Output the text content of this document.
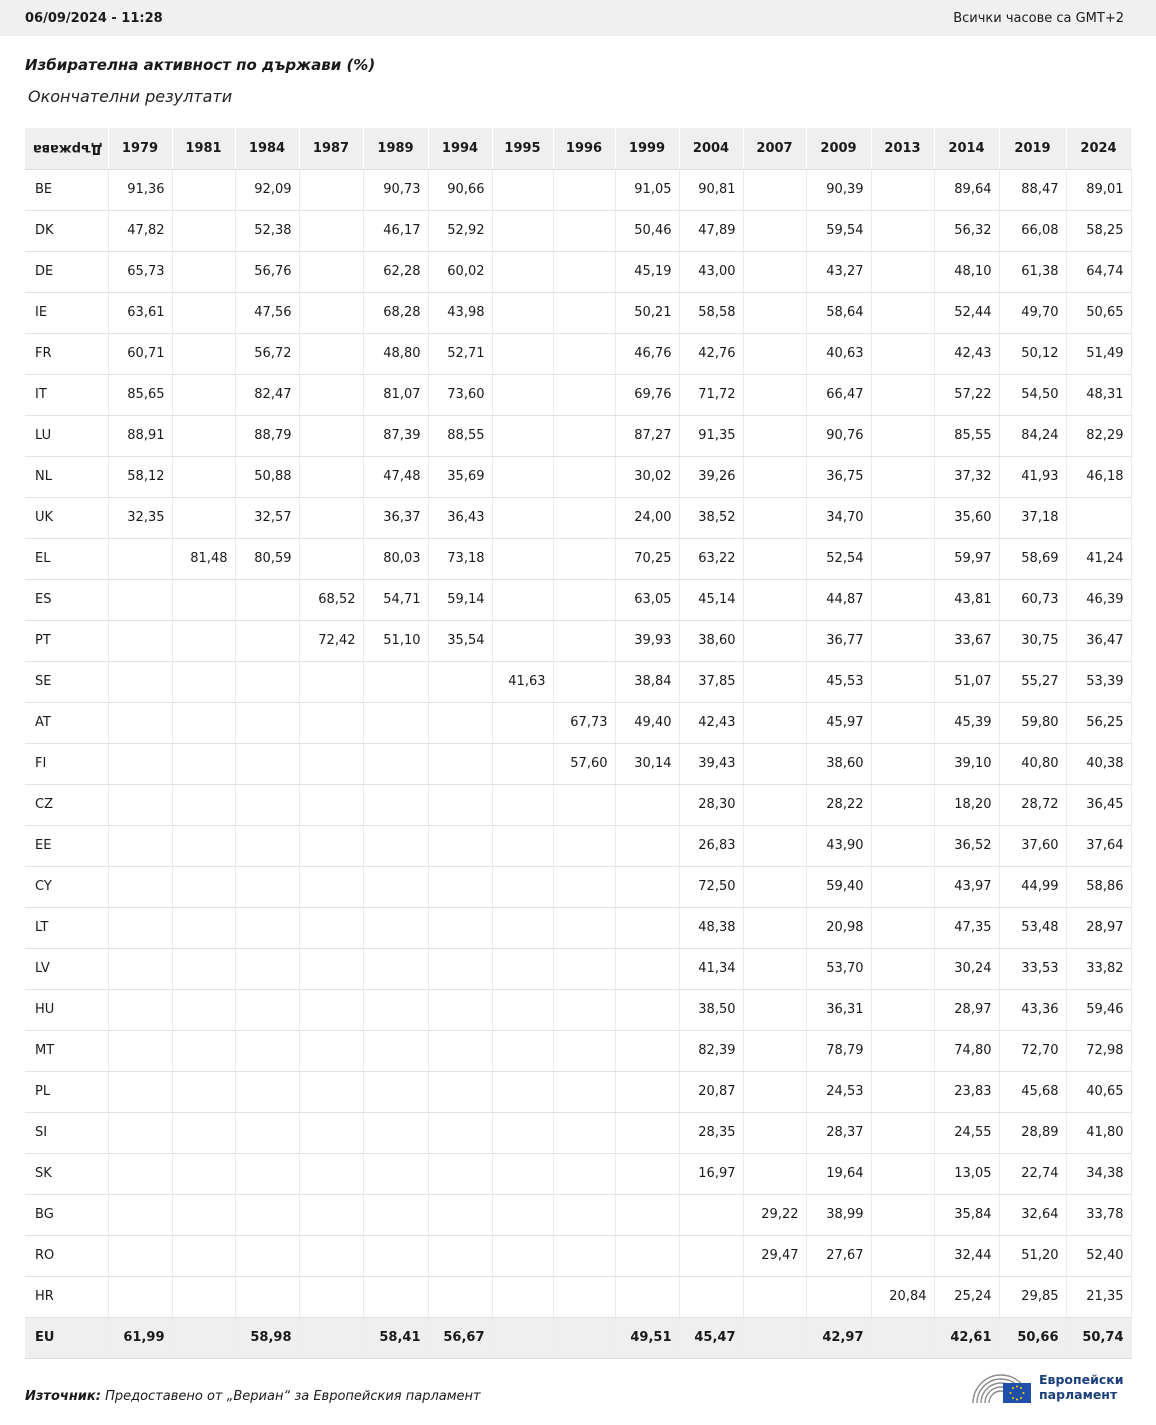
06/09/2024 - 11:28	Всички часове са GMT+2
Избирателна активност по държави (%)
Окончателни резултати
Държава	1979	1981	1984	1987	1989	1994	1995	1996	1999	2004	2007	2009	2013	2014	2019	2024
BE	91,36		92,09		90,73	90,66			91,05	90,81		90,39		89,64	88,47	89,01
DK	47,82		52,38		46,17	52,92			50,46	47,89		59,54		56,32	66,08	58,25
DE	65,73		56,76		62,28	60,02			45,19	43,00		43,27		48,10	61,38	64,74
IE	63,61		47,56		68,28	43,98			50,21	58,58		58,64		52,44	49,70	50,65
FR	60,71		56,72		48,80	52,71			46,76	42,76		40,63		42,43	50,12	51,49
IT	85,65		82,47		81,07	73,60			69,76	71,72		66,47		57,22	54,50	48,31
LU	88,91		88,79		87,39	88,55			87,27	91,35		90,76		85,55	84,24	82,29
NL	58,12		50,88		47,48	35,69			30,02	39,26		36,75		37,32	41,93	46,18
UK	32,35		32,57		36,37	36,43			24,00	38,52		34,70		35,60	37,18	
EL		81,48	80,59		80,03	73,18			70,25	63,22		52,54		59,97	58,69	41,24
ES				68,52	54,71	59,14			63,05	45,14		44,87		43,81	60,73	46,39
PT				72,42	51,10	35,54			39,93	38,60		36,77		33,67	30,75	36,47
SE							41,63		38,84	37,85		45,53		51,07	55,27	53,39
AT								67,73	49,40	42,43		45,97		45,39	59,80	56,25
FI								57,60	30,14	39,43		38,60		39,10	40,80	40,38
CZ										28,30		28,22		18,20	28,72	36,45
EE										26,83		43,90		36,52	37,60	37,64
CY										72,50		59,40		43,97	44,99	58,86
LT										48,38		20,98		47,35	53,48	28,97
LV										41,34		53,70		30,24	33,53	33,82
HU										38,50		36,31		28,97	43,36	59,46
MT										82,39		78,79		74,80	72,70	72,98
PL										20,87		24,53		23,83	45,68	40,65
SI										28,35		28,37		24,55	28,89	41,80
SK										16,97		19,64		13,05	22,74	34,38
BG											29,22	38,99		35,84	32,64	33,78
RO											29,47	27,67		32,44	51,20	52,40
HR													20,84	25,24	29,85	21,35
EU	61,99		58,98		58,41	56,67			49,51	45,47		42,97		42,61	50,66	50,74
Източник: Предоставено от „Вериан“ за Европейския парламент
Европейски
парламент
